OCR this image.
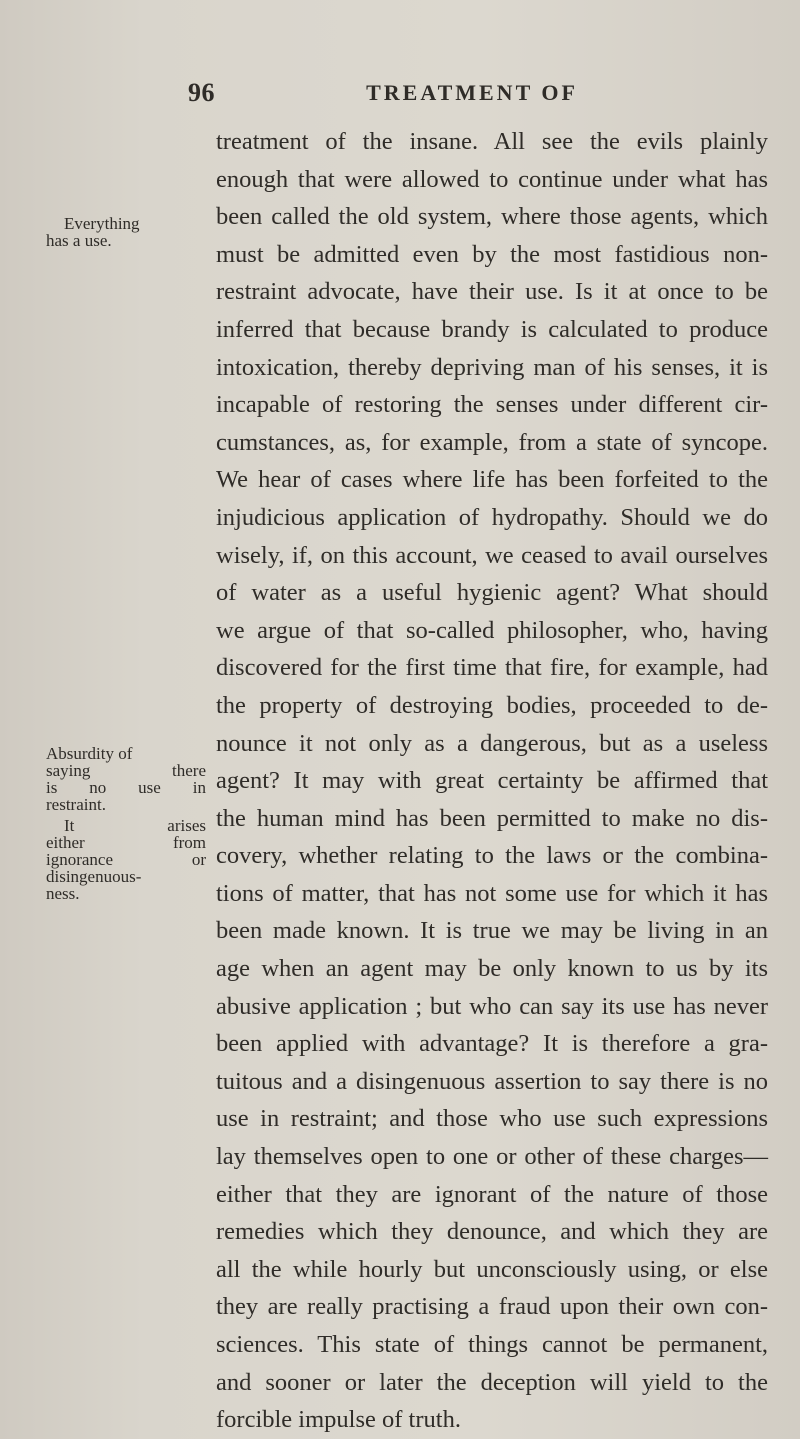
96	TREATMENT OF
treatment of the insane. All see the evils plainly
enough that were allowed to continue under what has
been called the old system, where those agents, which
must be admitted even by the most fastidious non-
restraint advocate, have their use. Is it at once to be
inferred that because brandy is calculated to produce
intoxication, thereby depriving man of his senses, it is
incapable of restoring the senses under different cir-
cumstances, as, for example, from a state of syncope.
We hear of cases where life has been forfeited to the
injudicious application of hydropathy. Should we do
wisely, if, on this account, we ceased to avail ourselves
of water as a useful hygienic agent? What should
we argue of that so-called philosopher, who, having
discovered for the first time that fire, for example, had
the property of destroying bodies, proceeded to de-
nounce it not only as a dangerous, but as a useless
agent? It may with great certainty be affirmed that
the human mind has been permitted to make no dis-
covery, whether relating to the laws or the combina-
tions of matter, that has not some use for which it has
been made known. It is true we may be living in an
age when an agent may be only known to us by its
abusive application ; but who can say its use has never
been applied with advantage? It is therefore a gra-
tuitous and a disingenuous assertion to say there is no
use in restraint; and those who use such expressions
lay themselves open to one or other of these charges—
either that they are ignorant of the nature of those
remedies which they denounce, and which they are
all the while hourly but unconsciously using, or else
they are really practising a fraud upon their own con-
sciences. This state of things cannot be permanent,
and sooner or later the deception will yield to the
forcible impulse of truth.
Everything
has a use.
Absurdity of
saying there
is no use in
restraint.
It arises
either from
ignorance or
disingenuous-
ness.
